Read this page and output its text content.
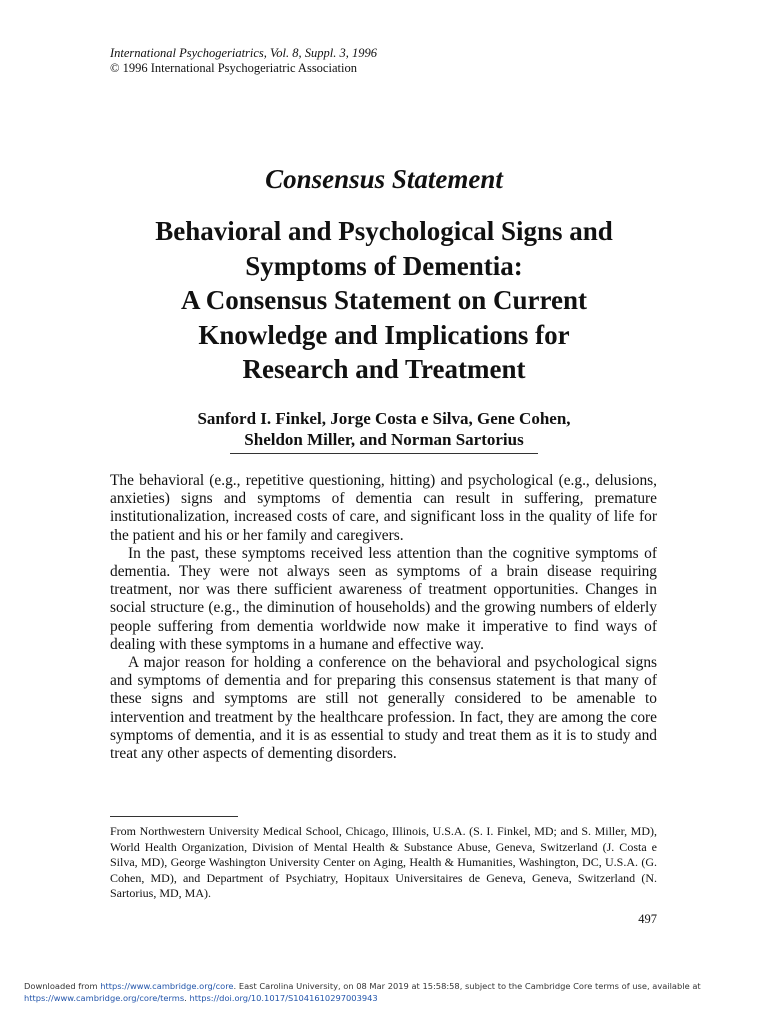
International Psychogeriatrics, Vol. 8, Suppl. 3, 1996
© 1996 International Psychogeriatric Association
Consensus Statement
Behavioral and Psychological Signs and
Symptoms of Dementia:
A Consensus Statement on Current
Knowledge and Implications for
Research and Treatment
Sanford I. Finkel, Jorge Costa e Silva, Gene Cohen,
Sheldon Miller, and Norman Sartorius

The behavioral (e.g., repetitive questioning, hitting) and psychological (e.g., delusions, anxieties) signs and symptoms of dementia can result in suffering, premature institutionalization, increased costs of care, and significant loss in the quality of life for the patient and his or her family and caregivers.

In the past, these symptoms received less attention than the cognitive symptoms of dementia. They were not always seen as symptoms of a brain disease requiring treatment, nor was there sufficient awareness of treatment opportunities. Changes in social structure (e.g., the diminution of households) and the growing numbers of elderly people suffering from dementia worldwide now make it imperative to find ways of dealing with these symptoms in a humane and effective way.

A major reason for holding a conference on the behavioral and psychological signs and symptoms of dementia and for preparing this consensus statement is that many of these signs and symptoms are still not generally considered to be amenable to intervention and treatment by the healthcare profession. In fact, they are among the core symptoms of dementia, and it is as essential to study and treat them as it is to study and treat any other aspects of dementing disorders.

From Northwestern University Medical School, Chicago, Illinois, U.S.A. (S. I. Finkel, MD; and S. Miller, MD), World Health Organization, Division of Mental Health & Substance Abuse, Geneva, Switzerland (J. Costa e Silva, MD), George Washington University Center on Aging, Health & Humanities, Washington, DC, U.S.A. (G. Cohen, MD), and Department of Psychiatry, Hopitaux Universitaires de Geneva, Geneva, Switzerland (N. Sartorius, MD, MA).
497
Downloaded from https://www.cambridge.org/core. East Carolina University, on 08 Mar 2019 at 15:58:58, subject to the Cambridge Core terms of use, available at
https://www.cambridge.org/core/terms. https://doi.org/10.1017/S1041610297003943
